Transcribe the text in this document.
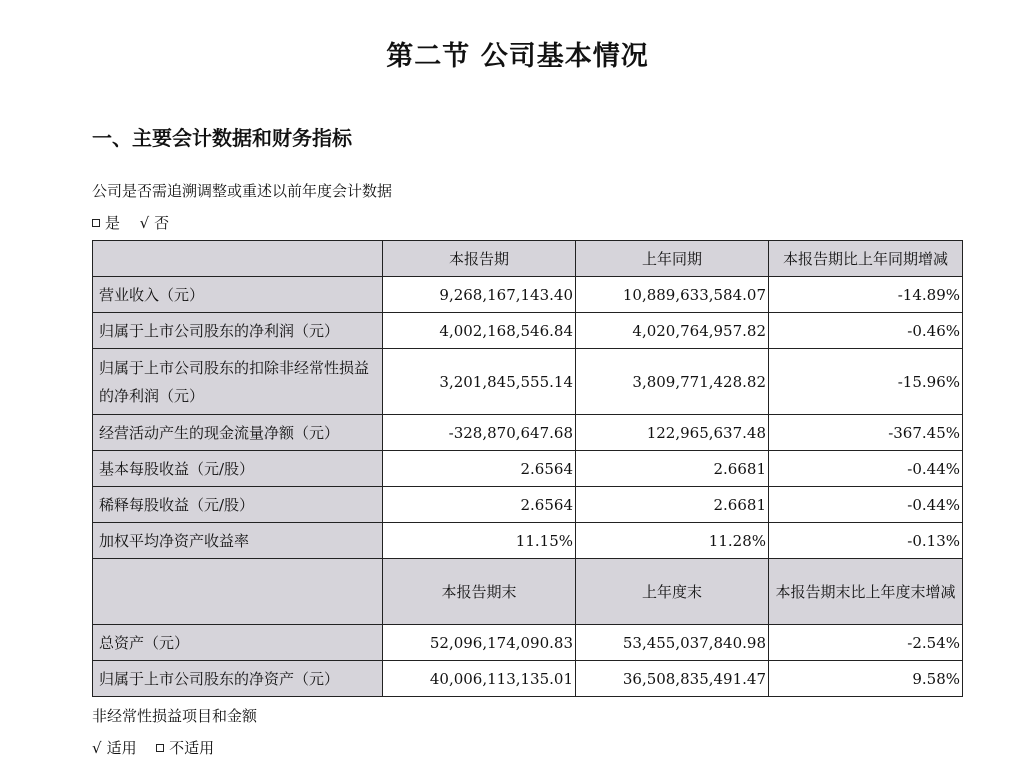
第二节 公司基本情况
一、主要会计数据和财务指标
公司是否需追溯调整或重述以前年度会计数据
是 √ 否
	本报告期	上年同期	本报告期比上年同期增减
营业收入（元）	9,268,167,143.40	10,889,633,584.07	-14.89%
归属于上市公司股东的净利润（元）	4,002,168,546.84	4,020,764,957.82	-0.46%
归属于上市公司股东的扣除非经常性损益的净利润（元）	3,201,845,555.14	3,809,771,428.82	-15.96%
经营活动产生的现金流量净额（元）	-328,870,647.68	122,965,637.48	-367.45%
基本每股收益（元/股）	2.6564	2.6681	-0.44%
稀释每股收益（元/股）	2.6564	2.6681	-0.44%
加权平均净资产收益率	11.15%	11.28%	-0.13%
	本报告期末	上年度末	本报告期末比上年度末增减
总资产（元）	52,096,174,090.83	53,455,037,840.98	-2.54%
归属于上市公司股东的净资产（元）	40,006,113,135.01	36,508,835,491.47	9.58%
非经常性损益项目和金额
√ 适用 不适用
